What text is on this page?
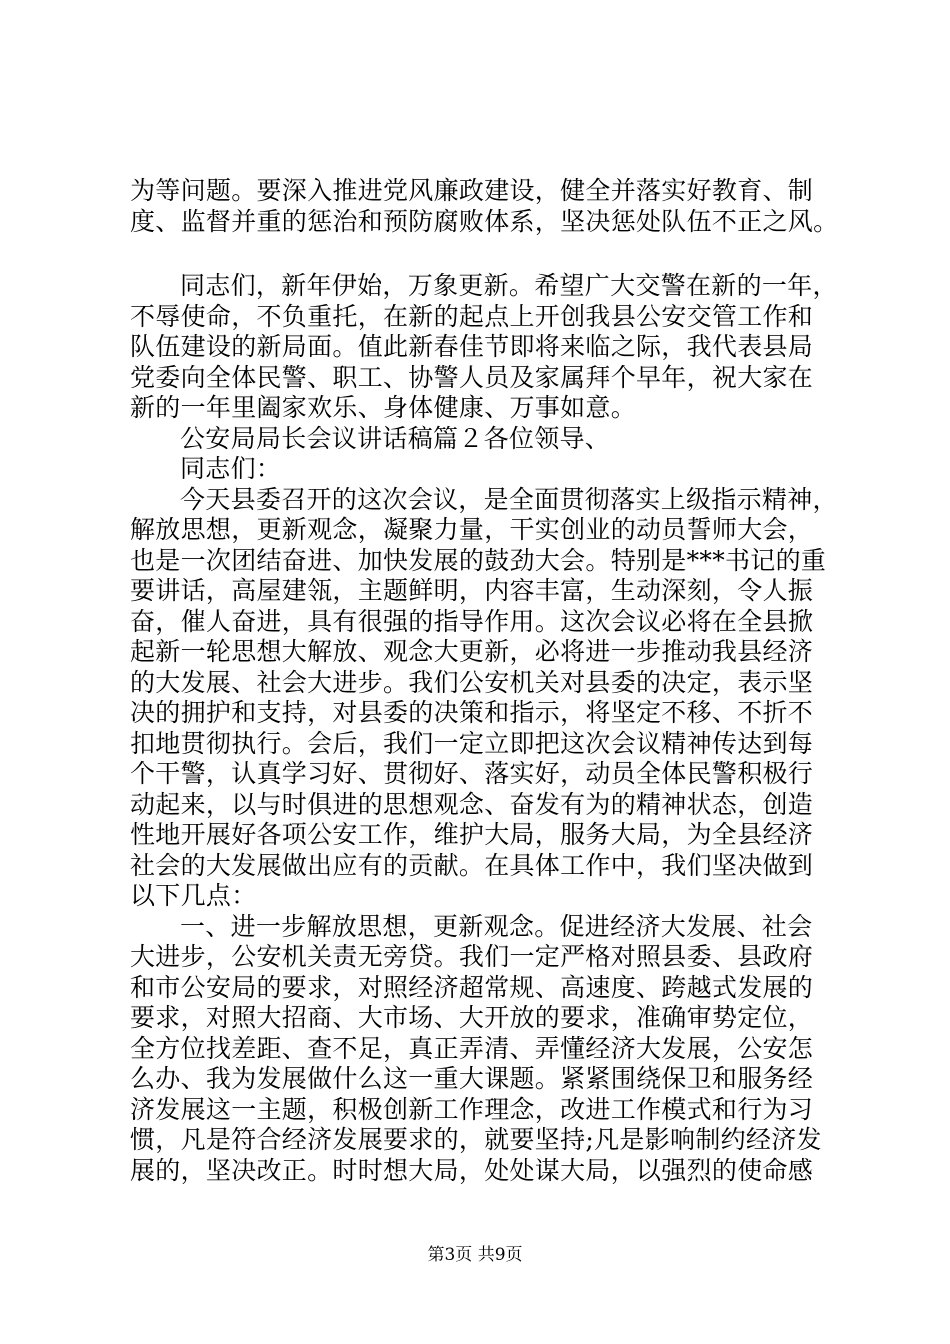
为等问题。要深入推进党风廉政建设，健全并落实好教育、制
度、监督并重的惩治和预防腐败体系，坚决惩处队伍不正之风。
同志们，新年伊始，万象更新。希望广大交警在新的一年，
不辱使命，不负重托，在新的起点上开创我县公安交管工作和
队伍建设的新局面。值此新春佳节即将来临之际，我代表县局
党委向全体民警、职工、协警人员及家属拜个早年，祝大家在
新的一年里阖家欢乐、身体健康、万事如意。
公安局局长会议讲话稿篇２各位领导、
同志们：
今天县委召开的这次会议，是全面贯彻落实上级指示精神，
解放思想，更新观念，凝聚力量，干实创业的动员誓师大会，
也是一次团结奋进、加快发展的鼓劲大会。特别是***书记的重
要讲话，高屋建瓴，主题鲜明，内容丰富，生动深刻，令人振
奋，催人奋进，具有很强的指导作用。这次会议必将在全县掀
起新一轮思想大解放、观念大更新，必将进一步推动我县经济
的大发展、社会大进步。我们公安机关对县委的决定，表示坚
决的拥护和支持，对县委的决策和指示，将坚定不移、不折不
扣地贯彻执行。会后，我们一定立即把这次会议精神传达到每
个干警，认真学习好、贯彻好、落实好，动员全体民警积极行
动起来，以与时俱进的思想观念、奋发有为的精神状态，创造
性地开展好各项公安工作，维护大局，服务大局，为全县经济
社会的大发展做出应有的贡献。在具体工作中，我们坚决做到
以下几点：
一、进一步解放思想，更新观念。促进经济大发展、社会
大进步，公安机关责无旁贷。我们一定严格对照县委、县政府
和市公安局的要求，对照经济超常规、高速度、跨越式发展的
要求，对照大招商、大市场、大开放的要求，准确审势定位，
全方位找差距、查不足，真正弄清、弄懂经济大发展，公安怎
么办、我为发展做什么这一重大课题。紧紧围绕保卫和服务经
济发展这一主题，积极创新工作理念，改进工作模式和行为习
惯，凡是符合经济发展要求的，就要坚持;凡是影响制约经济发
展的，坚决改正。时时想大局，处处谋大局，以强烈的使命感
第3页 共9页
